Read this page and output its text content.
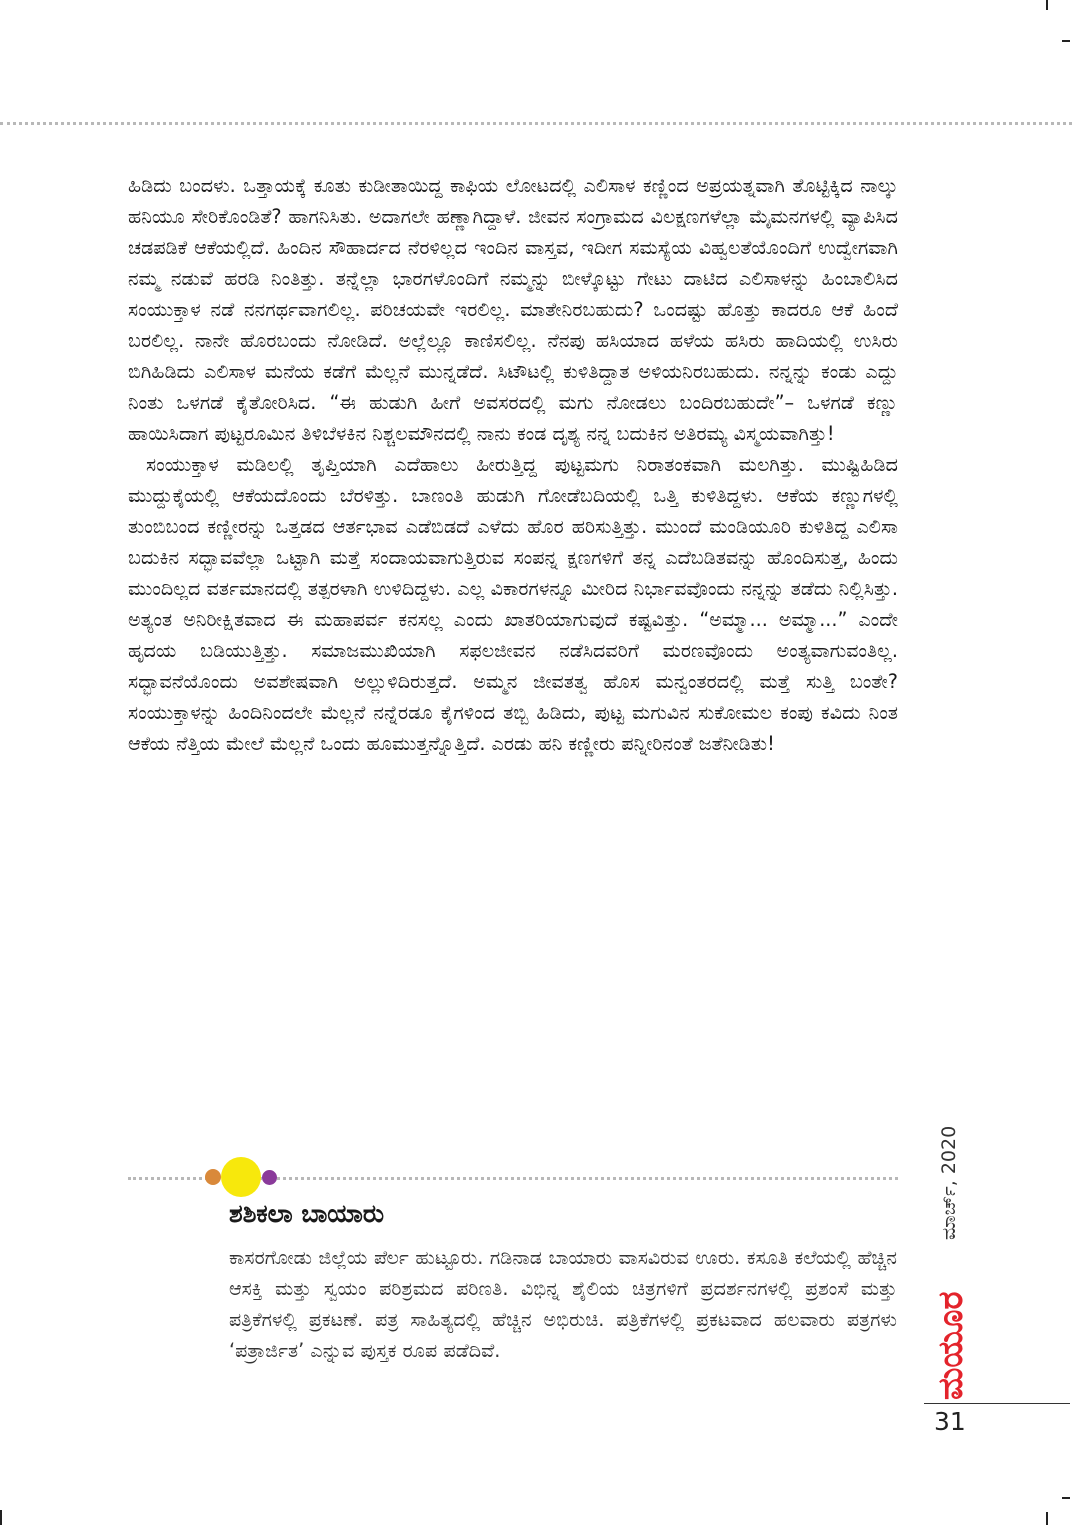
ಹಿಡಿದು ಬಂದಳು. ಒತ್ತಾಯಕ್ಕೆ ಕೂತು ಕುಡೀತಾಯಿದ್ದ ಕಾಫಿಯ ಲೋಟದಲ್ಲಿ ಎಲಿಸಾಳ ಕಣ್ಣಿಂದ ಅಪ್ರಯತ್ನವಾಗಿ ತೊಟ್ಟಿಕ್ಕಿದ ನಾಲ್ಕು ಹನಿಯೂ ಸೇರಿಕೊಂಡಿತೆ? ಹಾಗನಿಸಿತು. ಅದಾಗಲೇ ಹಣ್ಣಾಗಿದ್ದಾಳೆ. ಜೀವನ ಸಂಗ್ರಾಮದ ವಿಲಕ್ಷಣಗಳೆಲ್ಲಾ ಮೈಮನಗಳಲ್ಲಿ ವ್ಯಾಪಿಸಿದ ಚಡಪಡಿಕೆ ಆಕೆಯಲ್ಲಿದೆ. ಹಿಂದಿನ ಸೌಹಾರ್ದದ ನೆರಳಿಲ್ಲದ ಇಂದಿನ ವಾಸ್ತವ, ಇದೀಗ ಸಮಸ್ಯೆಯ ವಿಹ್ವಲತೆಯೊಂದಿಗೆ ಉದ್ವೇಗವಾಗಿ ನಮ್ಮ ನಡುವೆ ಹರಡಿ ನಿಂತಿತ್ತು. ತನ್ನೆಲ್ಲಾ ಭಾರಗಳೊಂದಿಗೆ ನಮ್ಮನ್ನು ಬೀಳ್ಕೊಟ್ಟು ಗೇಟು ದಾಟಿದ ಎಲಿಸಾಳನ್ನು ಹಿಂಬಾಲಿಸಿದ ಸಂಯುಕ್ತಾಳ ನಡೆ ನನಗರ್ಥವಾಗಲಿಲ್ಲ. ಪರಿಚಯವೇ ಇರಲಿಲ್ಲ. ಮಾತೇನಿರಬಹುದು? ಒಂದಷ್ಟು ಹೊತ್ತು ಕಾದರೂ ಆಕೆ ಹಿಂದೆ ಬರಲಿಲ್ಲ. ನಾನೇ ಹೊರಬಂದು ನೋಡಿದೆ. ಅಲ್ಲೆಲ್ಲೂ ಕಾಣಿಸಲಿಲ್ಲ. ನೆನಪು ಹಸಿಯಾದ ಹಳೆಯ ಹಸಿರು ಹಾದಿಯಲ್ಲಿ ಉಸಿರು ಬಿಗಿಹಿಡಿದು ಎಲಿಸಾಳ ಮನೆಯ ಕಡೆಗೆ ಮೆಲ್ಲನೆ ಮುನ್ನಡೆದೆ. ಸಿಟೌಟಲ್ಲಿ ಕುಳಿತಿದ್ದಾತ ಅಳಿಯನಿರಬಹುದು. ನನ್ನನ್ನು ಕಂಡು ಎದ್ದು ನಿಂತು ಒಳಗಡೆ ಕೈತೋರಿಸಿದ. “ಈ ಹುಡುಗಿ ಹೀಗೆ ಅವಸರದಲ್ಲಿ ಮಗು ನೋಡಲು ಬಂದಿರಬಹುದೇ”– ಒಳಗಡೆ ಕಣ್ಣು ಹಾಯಿಸಿದಾಗ ಪುಟ್ಟರೂಮಿನ ತಿಳಿಬೆಳಕಿನ ನಿಶ್ಚಲಮೌನದಲ್ಲಿ ನಾನು ಕಂಡ ದೃಶ್ಯ ನನ್ನ ಬದುಕಿನ ಅತಿರಮ್ಯ ವಿಸ್ಮಯವಾಗಿತ್ತು!

ಸಂಯುಕ್ತಾಳ ಮಡಿಲಲ್ಲಿ ತೃಪ್ತಿಯಾಗಿ ಎದೆಹಾಲು ಹೀರುತ್ತಿದ್ದ ಪುಟ್ಟಮಗು ನಿರಾತಂಕವಾಗಿ ಮಲಗಿತ್ತು. ಮುಷ್ಟಿಹಿಡಿದ ಮುದ್ದುಕೈಯಲ್ಲಿ ಆಕೆಯದೊಂದು ಬೆರಳಿತ್ತು. ಬಾಣಂತಿ ಹುಡುಗಿ ಗೋಡೆಬದಿಯಲ್ಲಿ ಒತ್ತಿ ಕುಳಿತಿದ್ದಳು. ಆಕೆಯ ಕಣ್ಣುಗಳಲ್ಲಿ ತುಂಬಿಬಂದ ಕಣ್ಣೀರನ್ನು ಒತ್ತಡದ ಆರ್ತಭಾವ ಎಡೆಬಿಡದೆ ಎಳೆದು ಹೊರ ಹರಿಸುತ್ತಿತ್ತು. ಮುಂದೆ ಮಂಡಿಯೂರಿ ಕುಳಿತಿದ್ದ ಎಲಿಸಾ ಬದುಕಿನ ಸದ್ಭಾವವೆಲ್ಲಾ ಒಟ್ಟಾಗಿ ಮತ್ತೆ ಸಂದಾಯವಾಗುತ್ತಿರುವ ಸಂಪನ್ನ ಕ್ಷಣಗಳಿಗೆ ತನ್ನ ಎದೆಬಡಿತವನ್ನು ಹೊಂದಿಸುತ್ತ, ಹಿಂದು ಮುಂದಿಲ್ಲದ ವರ್ತಮಾನದಲ್ಲಿ ತತ್ಪರಳಾಗಿ ಉಳಿದಿದ್ದಳು. ಎಲ್ಲ ವಿಕಾರಗಳನ್ನೂ ಮೀರಿದ ನಿರ್ಭಾವವೊಂದು ನನ್ನನ್ನು ತಡೆದು ನಿಲ್ಲಿಸಿತ್ತು. ಅತ್ಯಂತ ಅನಿರೀಕ್ಷಿತವಾದ ಈ ಮಹಾಪರ್ವ ಕನಸಲ್ಲ ಎಂದು ಖಾತರಿಯಾಗುವುದೆ ಕಷ್ಟವಿತ್ತು. “ಅಮ್ಮಾ... ಅಮ್ಮಾ...” ಎಂದೇ ಹೃದಯ ಬಡಿಯುತ್ತಿತ್ತು. ಸಮಾಜಮುಖಿಯಾಗಿ ಸಫಲಜೀವನ ನಡೆಸಿದವರಿಗೆ ಮರಣವೊಂದು ಅಂತ್ಯವಾಗುವಂತಿಲ್ಲ. ಸದ್ಭಾವನೆಯೊಂದು ಅವಶೇಷವಾಗಿ ಅಲ್ಲುಳಿದಿರುತ್ತದೆ. ಅಮ್ಮನ ಜೀವತತ್ವ ಹೊಸ ಮನ್ವಂತರದಲ್ಲಿ ಮತ್ತೆ ಸುತ್ತಿ ಬಂತೇ? ಸಂಯುಕ್ತಾಳನ್ನು ಹಿಂದಿನಿಂದಲೇ ಮೆಲ್ಲನೆ ನನ್ನೆರಡೂ ಕೈಗಳಿಂದ ತಬ್ಬಿ ಹಿಡಿದು, ಪುಟ್ಟ ಮಗುವಿನ ಸುಕೋಮಲ ಕಂಪು ಕವಿದು ನಿಂತ ಆಕೆಯ ನೆತ್ತಿಯ ಮೇಲೆ ಮೆಲ್ಲನೆ ಒಂದು ಹೂಮುತ್ತನ್ನೊತ್ತಿದೆ. ಎರಡು ಹನಿ ಕಣ್ಣೀರು ಪನ್ನೀರಿನಂತೆ ಜತೆನೀಡಿತು!

ಶಶಿಕಲಾ ಬಾಯಾರು

ಕಾಸರಗೋಡು ಜಿಲ್ಲೆಯ ಪೆರ್ಲ ಹುಟ್ಟೂರು. ಗಡಿನಾಡ ಬಾಯಾರು ವಾಸವಿರುವ ಊರು. ಕಸೂತಿ ಕಲೆಯಲ್ಲಿ ಹೆಚ್ಚಿನ ಆಸಕ್ತಿ ಮತ್ತು ಸ್ವಯಂ ಪರಿಶ್ರಮದ ಪರಿಣತಿ. ವಿಭಿನ್ನ ಶೈಲಿಯ ಚಿತ್ರಗಳಿಗೆ ಪ್ರದರ್ಶನಗಳಲ್ಲಿ ಪ್ರಶಂಸೆ ಮತ್ತು ಪತ್ರಿಕೆಗಳಲ್ಲಿ ಪ್ರಕಟಣೆ. ಪತ್ರ ಸಾಹಿತ್ಯದಲ್ಲಿ ಹೆಚ್ಚಿನ ಅಭಿರುಚಿ. ಪತ್ರಿಕೆಗಳಲ್ಲಿ ಪ್ರಕಟವಾದ ಹಲವಾರು ಪತ್ರಗಳು ‘ಪತ್ರಾರ್ಜಿತ’ ಎನ್ನುವ ಪುಸ್ತಕ ರೂಪ ಪಡೆದಿವೆ.

ಮಾರ್ಚ್, 2020
ಮಯೂರ
31
